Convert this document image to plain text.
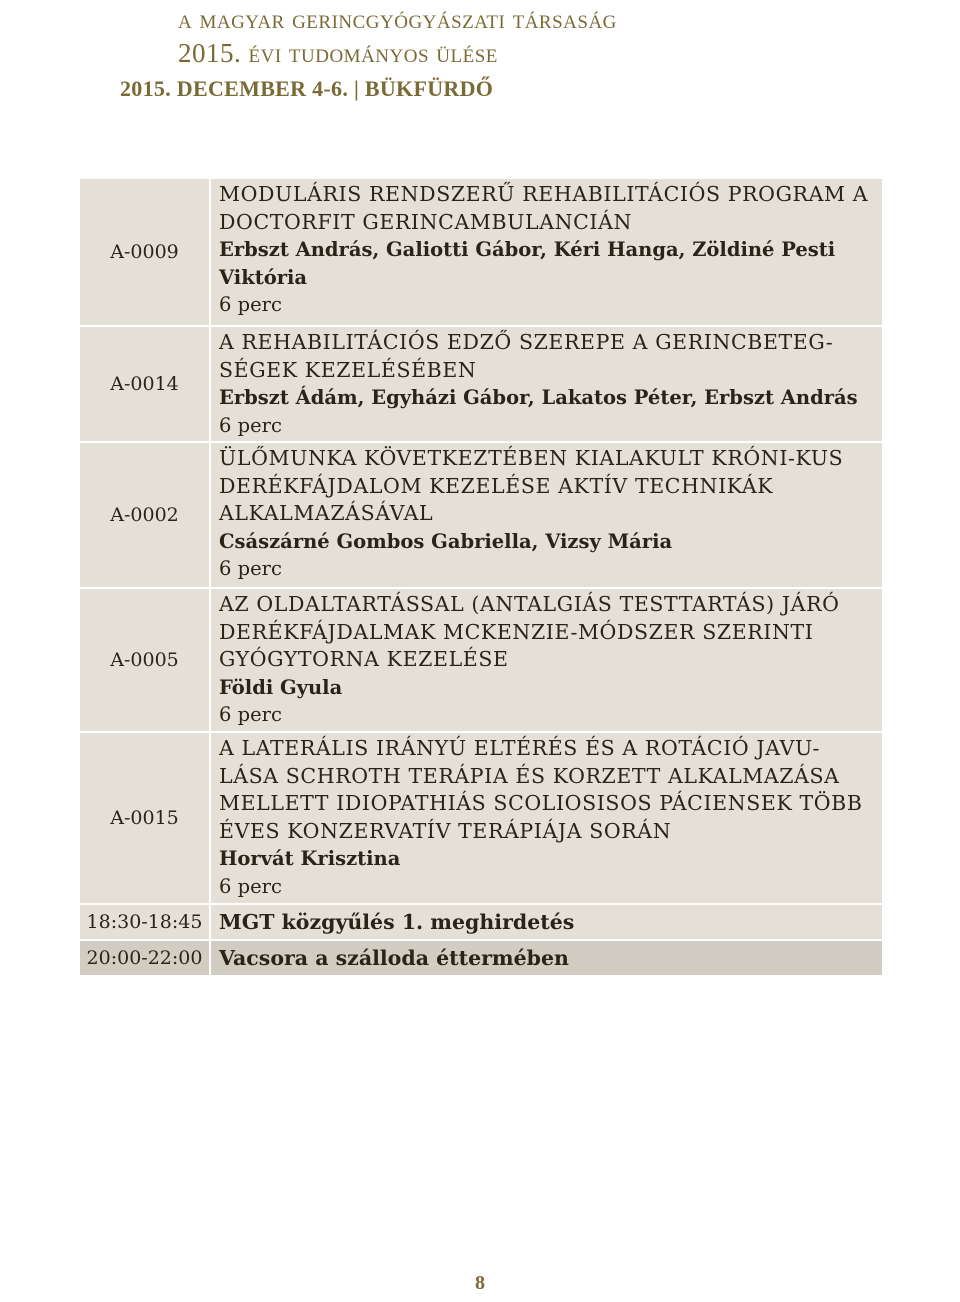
a magyar gerincgyógyászati társaság
2015. évi tudományos ülése
2015. DECEMBER 4-6. | BÜKFÜRDŐ
A-0009
MODULÁRIS RENDSZERŰ REHABILITÁCIÓS PROGRAM A DOCTORFIT GERINCAMBULANCIÁN
Erbszt András, Galiotti Gábor, Kéri Hanga, Zöldiné Pesti Viktória
6 perc
A-0014
A REHABILITÁCIÓS EDZŐ SZEREPE A GERINCBETEG-SÉGEK KEZELÉSÉBEN
Erbszt Ádám, Egyházi Gábor, Lakatos Péter, Erbszt András
6 perc
A-0002
ÜLŐMUNKA KÖVETKEZTÉBEN KIALAKULT KRÓNI-KUS DERÉKFÁJDALOM KEZELÉSE AKTÍV TECHNIKÁK ALKALMAZÁSÁVAL
Császárné Gombos Gabriella, Vizsy Mária
6 perc
A-0005
AZ OLDALTARTÁSSAL (ANTALGIÁS TESTTARTÁS) JÁRÓ DERÉKFÁJDALMAK MCKENZIE-MÓDSZER SZERINTI GYÓGYTORNA KEZELÉSE
Földi Gyula
6 perc
A-0015
A LATERÁLIS IRÁNYÚ ELTÉRÉS ÉS A ROTÁCIÓ JAVU-LÁSA SCHROTH TERÁPIA ÉS KORZETT ALKALMAZÁSA MELLETT IDIOPATHIÁS SCOLIOSISOS PÁCIENSEK TÖBB ÉVES KONZERVATÍV TERÁPIÁJA SORÁN
Horvát Krisztina
6 perc
18:30-18:45 MGT közgyűlés 1. meghirdetés
20:00-22:00 Vacsora a szálloda éttermében
8
